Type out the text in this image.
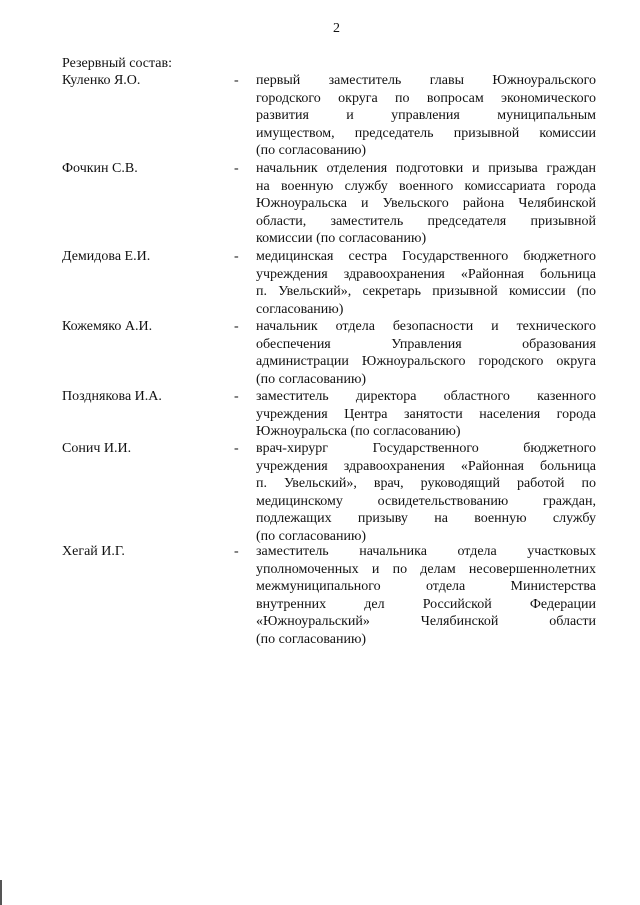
2
Резервный состав:
Куленко Я.О.	- первый заместитель главы Южноуральского
городского округа по вопросам экономического
развития и управления муниципальным
имуществом, председатель призывной комиссии
(по согласованию)
Фочкин С.В.	- начальник отделения подготовки и призыва граждан
на военную службу военного комиссариата города
Южноуральска и Увельского района Челябинской
области, заместитель председателя призывной
комиссии (по согласованию)
Демидова Е.И.	- медицинская сестра Государственного бюджетного
учреждения здравоохранения «Районная больница
п. Увельский», секретарь призывной комиссии (по
согласованию)
Кожемяко А.И.	- начальник отдела безопасности и технического
обеспечения Управления образования
администрации Южноуральского городского округа
(по согласованию)
Позднякова И.А.	- заместитель директора областного казенного
учреждения Центра занятости населения города
Южноуральска (по согласованию)
Сонич И.И.	- врач-хирург Государственного бюджетного
учреждения здравоохранения «Районная больница
п. Увельский», врач, руководящий работой по
медицинскому освидетельствованию граждан,
подлежащих призыву на военную службу
(по согласованию)
Хегай И.Г.	- заместитель начальника отдела участковых
уполномоченных и по делам несовершеннолетних
межмуниципального отдела Министерства
внутренних дел Российской Федерации
«Южноуральский» Челябинской области
(по согласованию)
